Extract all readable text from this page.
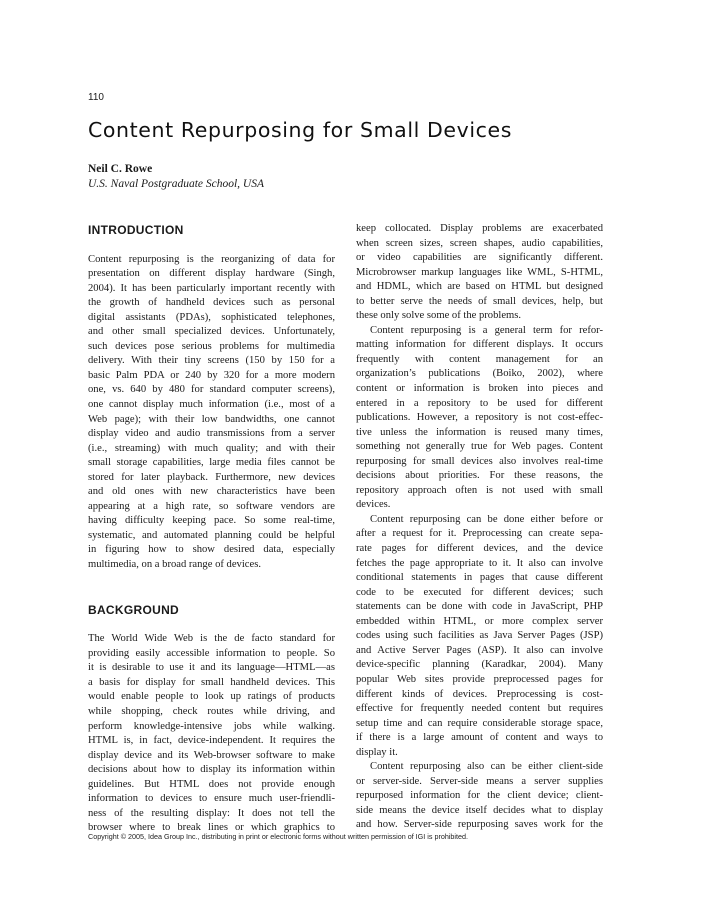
110
Content Repurposing for Small Devices
Neil C. Rowe
U.S. Naval Postgraduate School, USA
INTRODUCTION
Content repurposing is the reorganizing of data for
presentation on different display hardware (Singh,
2004). It has been particularly important recently with
the growth of handheld devices such as personal
digital assistants (PDAs), sophisticated telephones,
and other small specialized devices. Unfortunately,
such devices pose serious problems for multimedia
delivery. With their tiny screens (150 by 150 for a
basic Palm PDA or 240 by 320 for a more modern
one, vs. 640 by 480 for standard computer screens),
one cannot display much information (i.e., most of a
Web page); with their low bandwidths, one cannot
display video and audio transmissions from a server
(i.e., streaming) with much quality; and with their
small storage capabilities, large media files cannot be
stored for later playback. Furthermore, new devices
and old ones with new characteristics have been
appearing at a high rate, so software vendors are
having difficulty keeping pace. So some real-time,
systematic, and automated planning could be helpful
in figuring how to show desired data, especially
multimedia, on a broad range of devices.
BACKGROUND
The World Wide Web is the de facto standard for
providing easily accessible information to people. So
it is desirable to use it and its language—HTML—as
a basis for display for small handheld devices. This
would enable people to look up ratings of products
while shopping, check routes while driving, and
perform knowledge-intensive jobs while walking.
HTML is, in fact, device-independent. It requires the
display device and its Web-browser software to make
decisions about how to display its information within
guidelines. But HTML does not provide enough
information to devices to ensure much user-friendli-
ness of the resulting display: It does not tell the
browser where to break lines or which graphics to
keep collocated. Display problems are exacerbated
when screen sizes, screen shapes, audio capabilities,
or video capabilities are significantly different.
Microbrowser markup languages like WML, S-HTML,
and HDML, which are based on HTML but designed
to better serve the needs of small devices, help, but
these only solve some of the problems.
Content repurposing is a general term for refor-
matting information for different displays. It occurs
frequently with content management for an
organization’s publications (Boiko, 2002), where
content or information is broken into pieces and
entered in a repository to be used for different
publications. However, a repository is not cost-effec-
tive unless the information is reused many times,
something not generally true for Web pages. Content
repurposing for small devices also involves real-time
decisions about priorities. For these reasons, the
repository approach often is not used with small
devices.
Content repurposing can be done either before or
after a request for it. Preprocessing can create sepa-
rate pages for different devices, and the device
fetches the page appropriate to it. It also can involve
conditional statements in pages that cause different
code to be executed for different devices; such
statements can be done with code in JavaScript, PHP
embedded within HTML, or more complex server
codes using such facilities as Java Server Pages (JSP)
and Active Server Pages (ASP). It also can involve
device-specific planning (Karadkar, 2004). Many
popular Web sites provide preprocessed pages for
different kinds of devices. Preprocessing is cost-
effective for frequently needed content but requires
setup time and can require considerable storage space,
if there is a large amount of content and ways to
display it.
Content repurposing also can be either client-side
or server-side. Server-side means a server supplies
repurposed information for the client device; client-
side means the device itself decides what to display
and how. Server-side repurposing saves work for the
Copyright © 2005, Idea Group Inc., distributing in print or electronic forms without written permission of IGI is prohibited.
